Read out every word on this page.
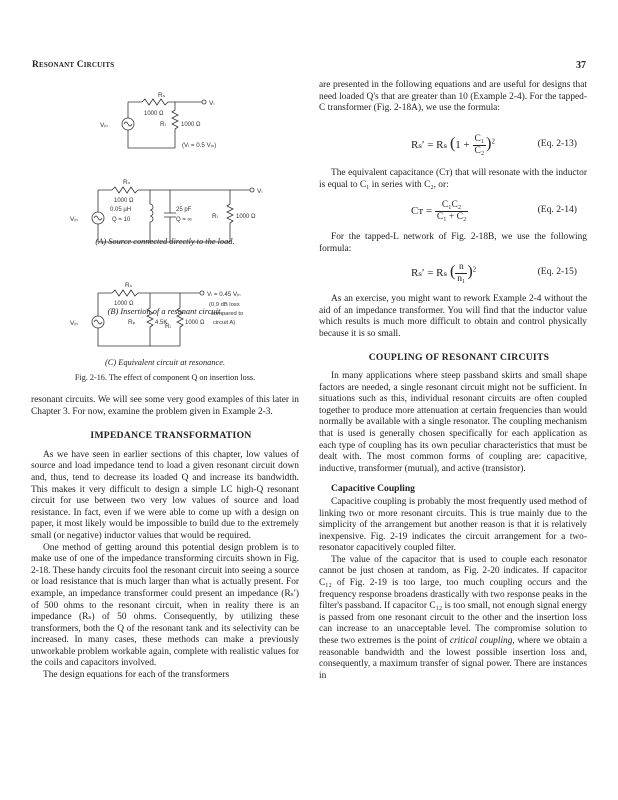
Resonant Circuits	37
Rₛ
1000 Ω
Vₗ
Vᵢₙ	Rₗ	1000 Ω
(Vₗ = 0.5 Vᵢₙ)
Rₛ
1000 Ω
Vₗ
Vᵢₙ
0.05 µH
Q = 10
25 pF
Q = ∞	Rₗ	1000 Ω
Rₛ
1000 Ω
Vₗ = 0.45 Vᵢₙ
(0.9 dB loss
compared to
circuit A)
Vᵢₙ	Rₚ	4.5K
Rₗ 1000 Ω
(A) Source connected directly to the load.
(B) Insertion of a resonant circuit.
(C) Equivalent circuit at resonance.
Fig. 2-16. The effect of component Q on insertion loss.

resonant circuits. We will see some very good examples of this later in Chapter 3. For now, examine the problem given in Example 2-3.

IMPEDANCE TRANSFORMATION

As we have seen in earlier sections of this chapter, low values of source and load impedance tend to load a given resonant circuit down and, thus, tend to decrease its loaded Q and increase its bandwidth. This makes it very difficult to design a simple LC high-Q resonant circuit for use between two very low values of source and load resistance. In fact, even if we were able to come up with a design on paper, it most likely would be impossible to build due to the extremely small (or negative) inductor values that would be required.

One method of getting around this potential design problem is to make use of one of the impedance transforming circuits shown in Fig. 2-18. These handy circuits fool the resonant circuit into seeing a source or load resistance that is much larger than what is actually present. For example, an impedance transformer could present an impedance (Rₛ′) of 500 ohms to the resonant circuit, when in reality there is an impedance (Rₛ) of 50 ohms. Consequently, by utilizing these transformers, both the Q of the resonant tank and its selectivity can be increased. In many cases, these methods can make a previously unworkable problem workable again, complete with realistic values for the coils and capacitors involved.

The design equations for each of the transformers

are presented in the following equations and are useful for designs that need loaded Q's that are greater than 10 (Example 2-4). For the tapped-C transformer (Fig. 2-18A), we use the formula:

Rₛ′ = Rₛ $(1 + \frac{\text{C₁}}{\text{C₂}} )^2$	(Eq. 2-13)

The equivalent capacitance (Cᴛ) that will resonate with the inductor is equal to C₁ in series with C₂, or:

Cᴛ = $\frac{\text{C₁C₂}}{\text{C₁ + C₂}}$	(Eq. 2-14)

For the tapped-L network of Fig. 2-18B, we use the following formula:

Rₛ′ = Rₛ ( $\frac{n}{\text{n₁}} )^2$	(Eq. 2-15)

As an exercise, you might want to rework Example 2-4 without the aid of an impedance transformer. You will find that the inductor value which results is much more difficult to obtain and control physically because it is so small.

COUPLING OF RESONANT CIRCUITS

In many applications where steep passband skirts and small shape factors are needed, a single resonant circuit might not be sufficient. In situations such as this, individual resonant circuits are often coupled together to produce more attenuation at certain frequencies than would normally be available with a single resonator. The coupling mechanism that is used is generally chosen specifically for each application as each type of coupling has its own peculiar characteristics that must be dealt with. The most common forms of coupling are: capacitive, inductive, transformer (mutual), and active (transistor).

Capacitive Coupling

Capacitive coupling is probably the most frequently used method of linking two or more resonant circuits. This is true mainly due to the simplicity of the arrangement but another reason is that it is relatively inexpensive. Fig. 2-19 indicates the circuit arrangement for a two-resonator capacitively coupled filter.

The value of the capacitor that is used to couple each resonator cannot be just chosen at random, as Fig. 2-20 indicates. If capacitor C₁₂ of Fig. 2-19 is too large, too much coupling occurs and the frequency response broadens drastically with two response peaks in the filter's passband. If capacitor C₁₂ is too small, not enough signal energy is passed from one resonant circuit to the other and the insertion loss can increase to an unacceptable level. The compromise solution to these two extremes is the point of critical coupling, where we obtain a reasonable bandwidth and the lowest possible insertion loss and, consequently, a maximum transfer of signal power. There are instances in
